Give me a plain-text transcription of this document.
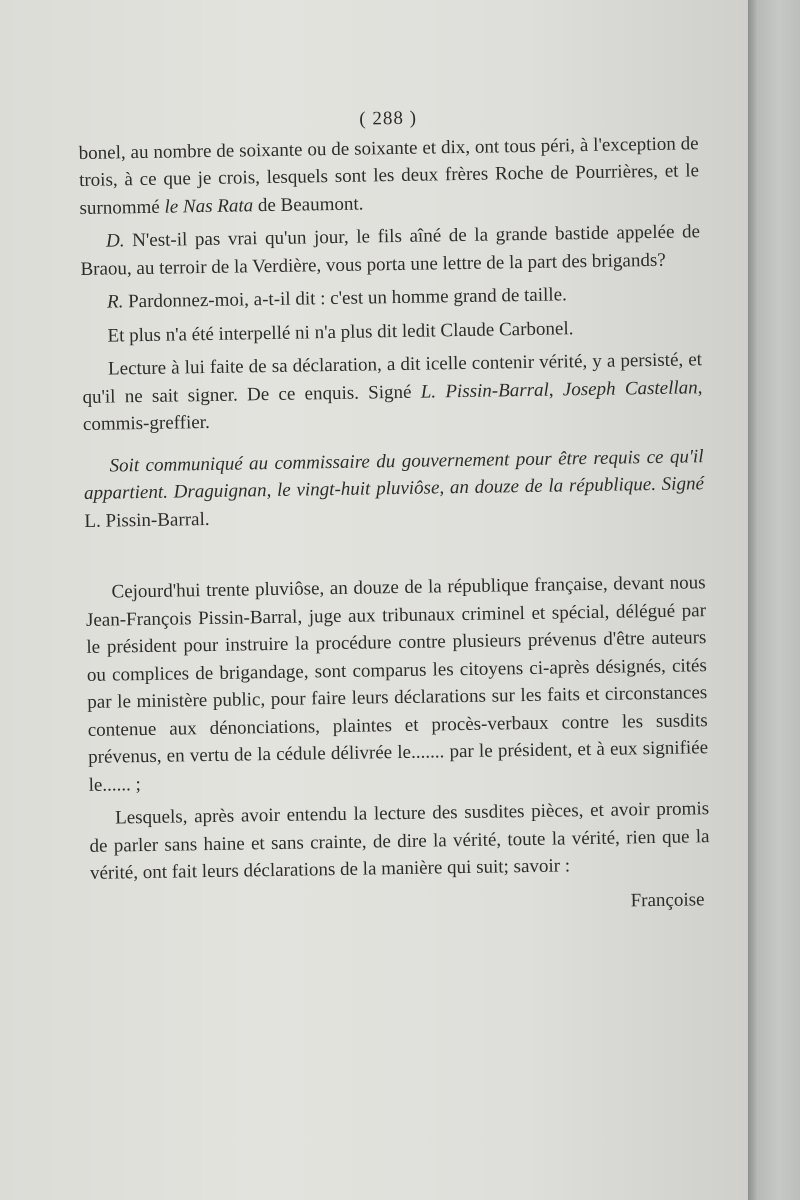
( 288 )

bonel, au nombre de soixante ou de soixante et dix, ont tous péri, à l'exception de trois, à ce que je crois, lesquels sont les deux frères Roche de Pourrières, et le surnommé le Nas Rata de Beaumont.

D. N'est-il pas vrai qu'un jour, le fils aîné de la grande bastide appelée de Braou, au terroir de la Verdière, vous porta une lettre de la part des brigands?

R. Pardonnez-moi, a-t-il dit : c'est un homme grand de taille.

Et plus n'a été interpellé ni n'a plus dit ledit Claude Carbonel.

Lecture à lui faite de sa déclaration, a dit icelle contenir vérité, y a persisté, et qu'il ne sait signer. De ce enquis. Signé L. Pissin-Barral, Joseph Castellan, commis-greffier.

Soit communiqué au commissaire du gouvernement pour être requis ce qu'il appartient. Draguignan, le vingt-huit pluviôse, an douze de la république. Signé L. Pissin-Barral.

Cejourd'hui trente pluviôse, an douze de la république française, devant nous Jean-François Pissin-Barral, juge aux tribunaux criminel et spécial, délégué par le président pour instruire la procédure contre plusieurs prévenus d'être auteurs ou complices de brigandage, sont comparus les citoyens ci-après désignés, cités par le ministère public, pour faire leurs déclarations sur les faits et circonstances contenue aux dénonciations, plaintes et procès-verbaux contre les susdits prévenus, en vertu de la cédule délivrée le....... par le président, et à eux signifiée le...... ;

Lesquels, après avoir entendu la lecture des susdites pièces, et avoir promis de parler sans haine et sans crainte, de dire la vérité, toute la vérité, rien que la vérité, ont fait leurs déclarations de la manière qui suit; savoir :

Françoise
